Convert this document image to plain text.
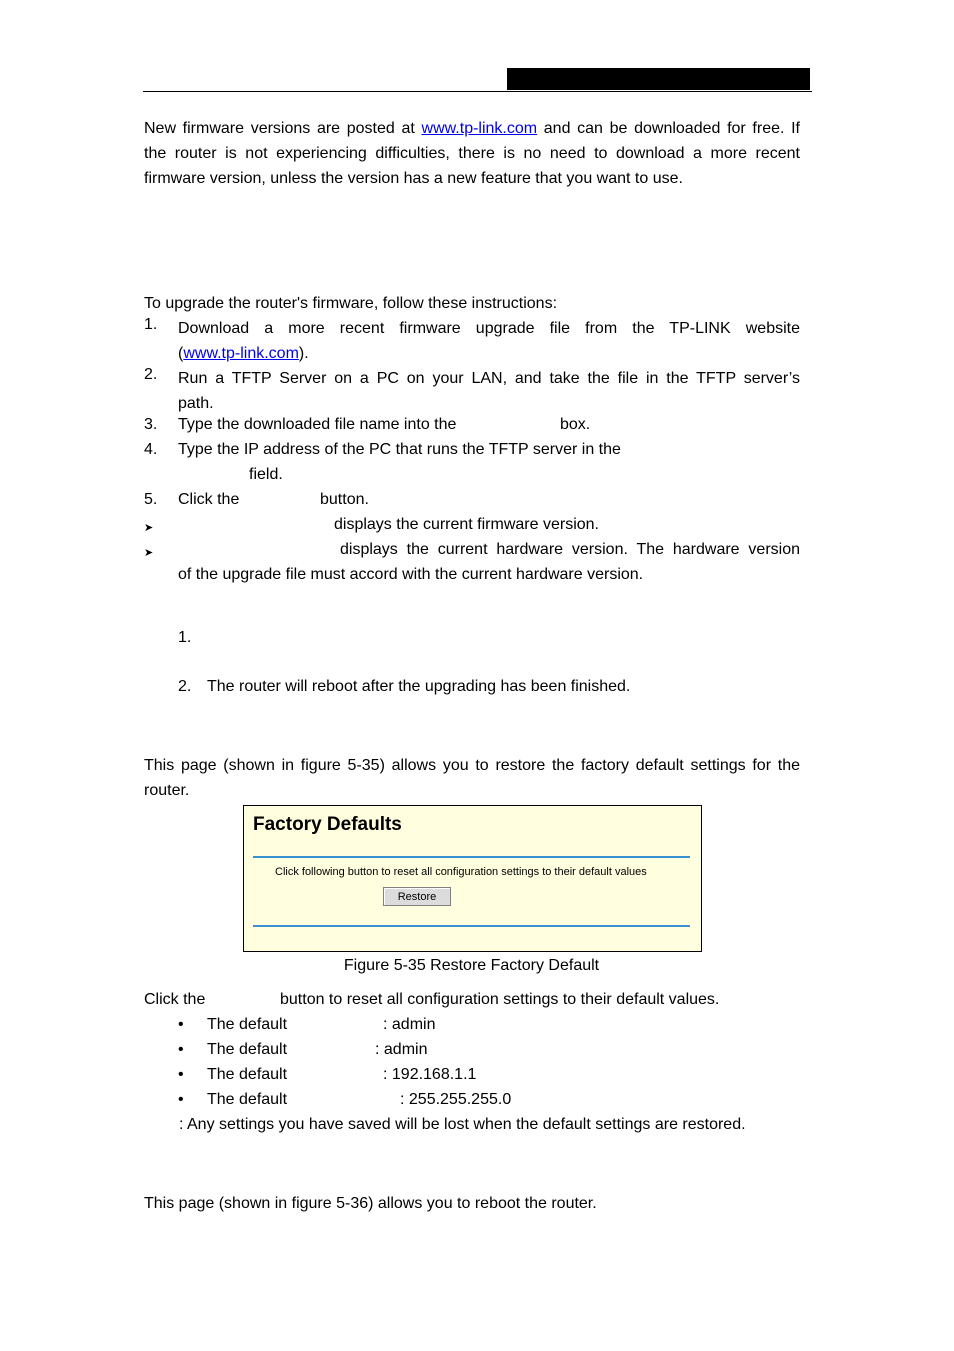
New firmware versions are posted at www.tp-link.com and can be downloaded for free. If
the router is not experiencing difficulties, there is no need to download a more recent
firmware version, unless the version has a new feature that you want to use.
To upgrade the router's firmware, follow these instructions:
1. Download a more recent firmware upgrade file from the TP-LINK website
(www.tp-link.com).
2. Run a TFTP Server on a PC on your LAN, and take the file in the TFTP server’s
path.
3. Type the downloaded file name into the	box.
4. Type the IP address of the PC that runs the TFTP server in the
field.
5. Click the	button.
➤	displays the current firmware version.
➤	displays the current hardware version. The hardware version
of the upgrade file must accord with the current hardware version.
1.
2. The router will reboot after the upgrading has been finished.
This page (shown in figure 5-35) allows you to restore the factory default settings for the
router.
Factory Defaults
Click following button to reset all configuration settings to their default values
Restore
Figure 5-35 Restore Factory Default
Click the	button to reset all configuration settings to their default values.
• The default	: admin
• The default	: admin
• The default	: 192.168.1.1
• The default	: 255.255.255.0
: Any settings you have saved will be lost when the default settings are restored.
This page (shown in figure 5-36) allows you to reboot the router.
